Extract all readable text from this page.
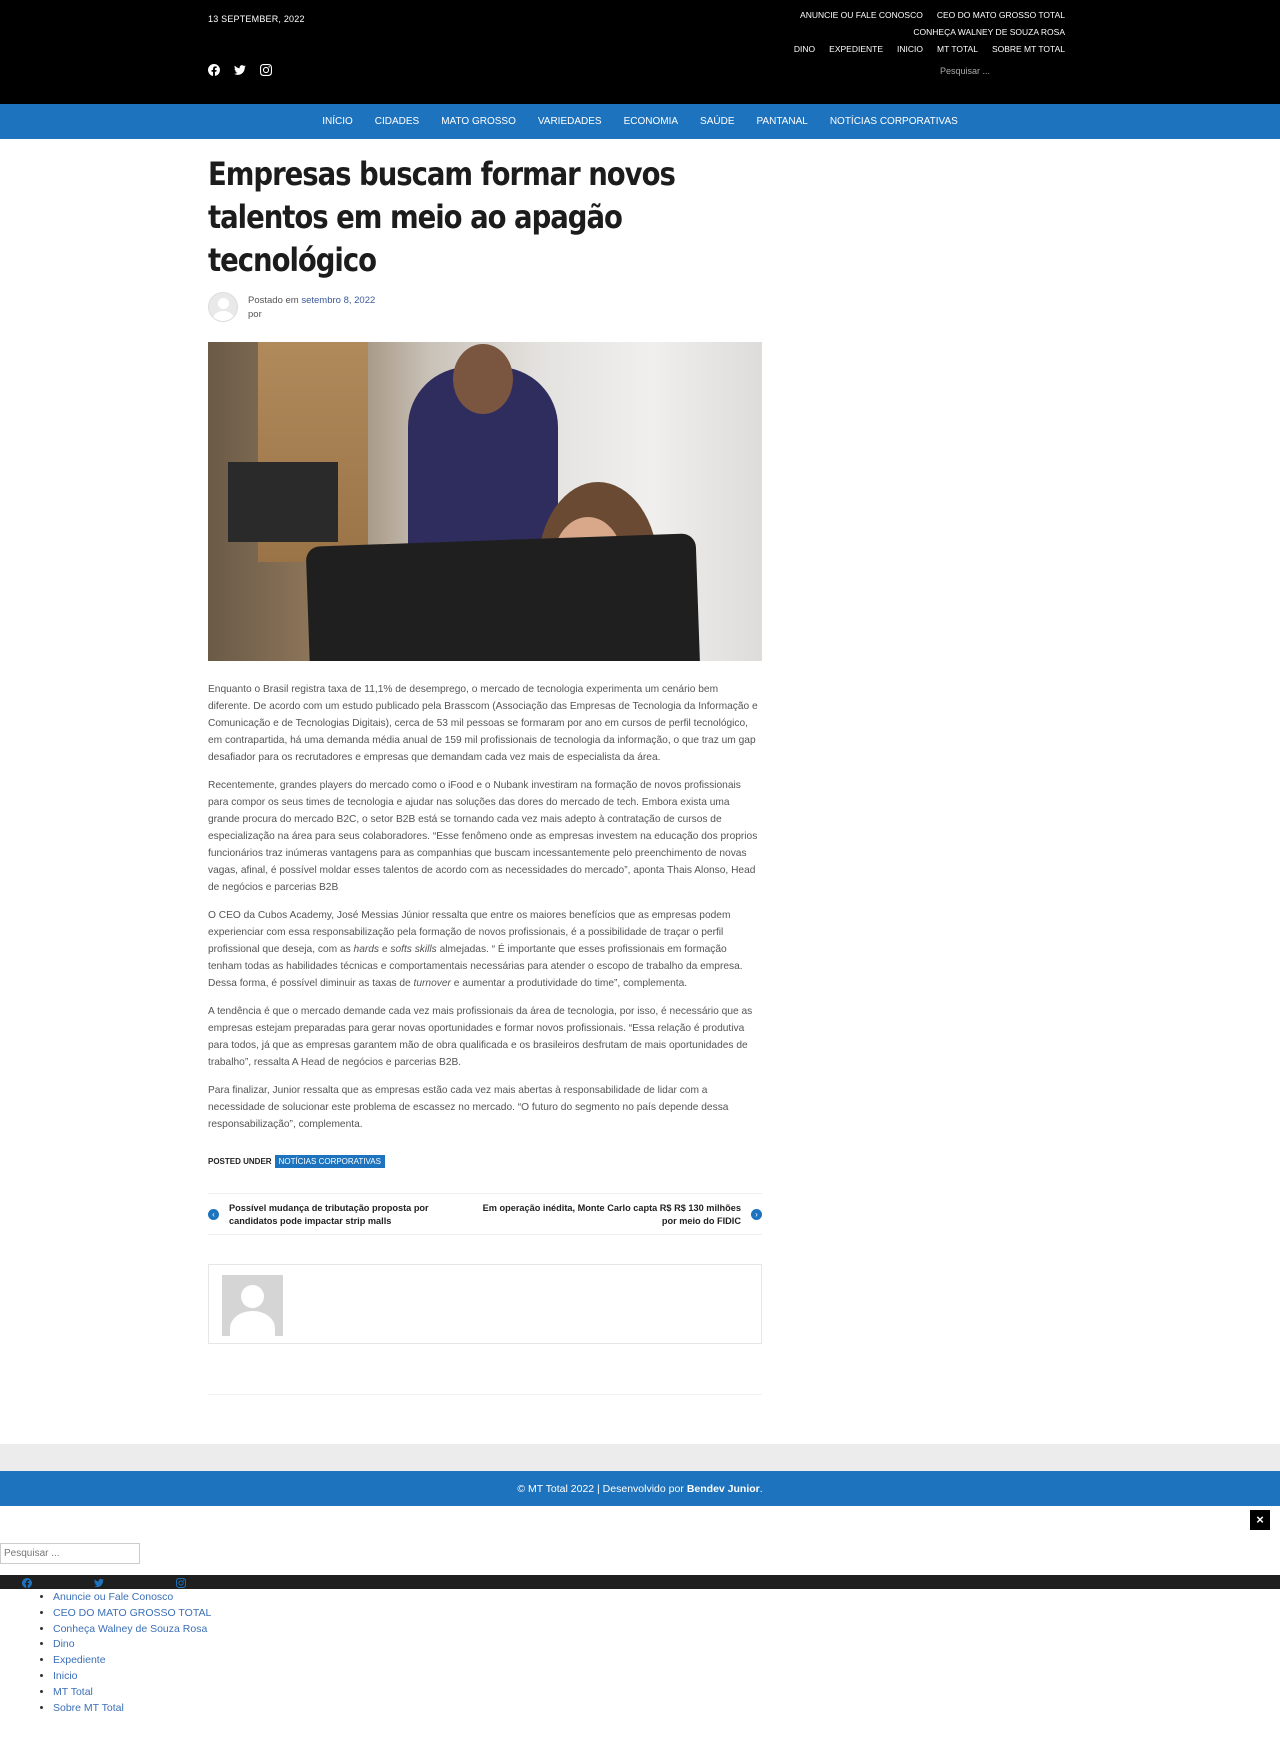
13 SEPTEMBER, 2022	ANUNCIE OU FALE CONOSCO CEO DO MATO GROSSO TOTALCONHEÇA WALNEY DE SOUZA ROSA
DINO EXPEDIENTE INICIO MT TOTAL SOBRE MT TOTAL
Pesquisar ...
INÍCIO	CIDADES	MATO GROSSO	VARIEDADES	ECONOMIA	SAÚDE	PANTANAL	NOTÍCIAS CORPORATIVAS
Empresas buscam formar novos talentos em meio ao apagão tecnológico
Postado em setembro 8, 2022
por

Enquanto o Brasil registra taxa de 11,1% de desemprego, o mercado de tecnologia experimenta um cenário bem diferente. De acordo com um estudo publicado pela Brasscom (Associação das Empresas de Tecnologia da Informação e Comunicação e de Tecnologias Digitais), cerca de 53 mil pessoas se formaram por ano em cursos de perfil tecnológico, em contrapartida, há uma demanda média anual de 159 mil profissionais de tecnologia da informação, o que traz um gap desafiador para os recrutadores e empresas que demandam cada vez mais de especialista da área.

Recentemente, grandes players do mercado como o iFood e o Nubank investiram na formação de novos profissionais para compor os seus times de tecnologia e ajudar nas soluções das dores do mercado de tech. Embora exista uma grande procura do mercado B2C, o setor B2B está se tornando cada vez mais adepto à contratação de cursos de especialização na área para seus colaboradores. “Esse fenômeno onde as empresas investem na educação dos proprios funcionários traz inúmeras vantagens para as companhias que buscam incessantemente pelo preenchimento de novas vagas, afinal, é possível moldar esses talentos de acordo com as necessidades do mercado”, aponta Thais Alonso, Head de negócios e parcerias B2B

O CEO da Cubos Academy, José Messias Júnior ressalta que entre os maiores benefícios que as empresas podem experienciar com essa responsabilização pela formação de novos profissionais, é a possibilidade de traçar o perfil profissional que deseja, com as hards e softs skills almejadas. “ É importante que esses profissionais em formação tenham todas as habilidades técnicas e comportamentais necessárias para atender o escopo de trabalho da empresa. Dessa forma, é possível diminuir as taxas de turnover e aumentar a produtividade do time”, complementa.

A tendência é que o mercado demande cada vez mais profissionais da área de tecnologia, por isso, é necessário que as empresas estejam preparadas para gerar novas oportunidades e formar novos profissionais. “Essa relação é produtiva para todos, já que as empresas garantem mão de obra qualificada e os brasileiros desfrutam de mais oportunidades de trabalho”, ressalta A Head de negócios e parcerias B2B.

Para finalizar, Junior ressalta que as empresas estão cada vez mais abertas à responsabilidade de lidar com a necessidade de solucionar este problema de escassez no mercado. “O futuro do segmento no país depende dessa responsabilização”, complementa.

POSTED UNDER NOTÍCIAS CORPORATIVAS
‹
Possível mudança de tributação proposta por candidatos pode impactar strip malls
Em operação inédita, Monte Carlo capta R$ R$ 130 milhões por meio do FIDIC
›
© MT Total 2022 | Desenvolvido por Bendev Junior .
×
Pesquisar ...
• Anuncie ou Fale Conosco
• CEO DO MATO GROSSO TOTAL
• Conheça Walney de Souza Rosa
• Dino
• Expediente
• Inicio
• MT Total
• Sobre MT Total
